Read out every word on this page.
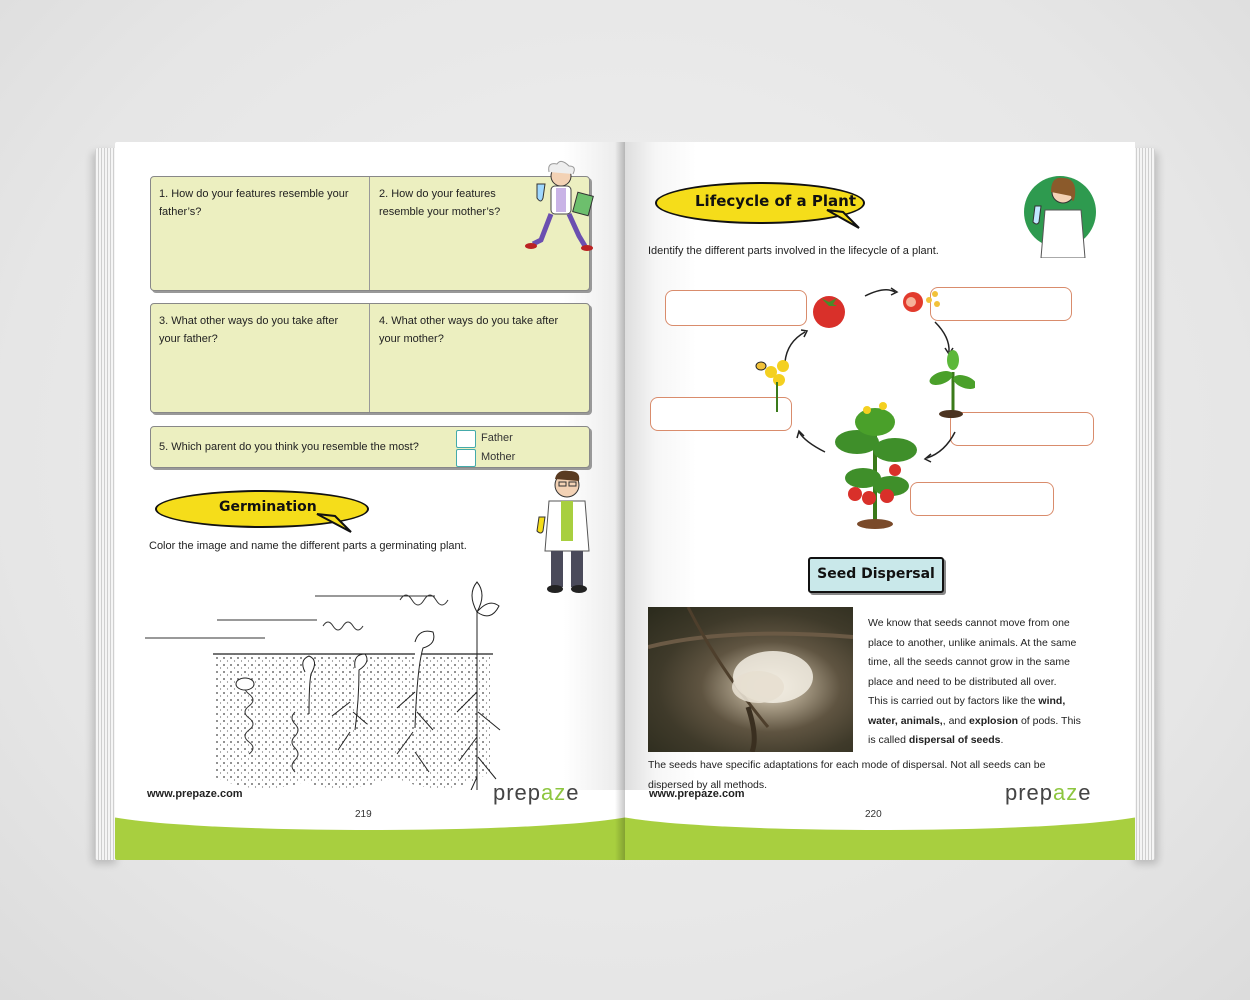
1. How do your features resemble your father’s?
2. How do your features resemble your mother’s?
3. What other ways do you take after your father?
4. What other ways do you take after your mother?
5. Which parent do you think you resemble the most?
Father
Mother
Germination
Color the image and name the different parts a germinating plant.
www.prepaze.com
219
prepaze
Lifecycle of a Plant
Identify the different parts involved in the lifecycle of a plant.
Seed Dispersal
We know that seeds cannot move from one
place to another, unlike animals. At the same
time, all the seeds cannot grow in the same
place and need to be distributed all over.
This is carried out by factors like the wind,
water, animals,, and explosion of pods. This
is called dispersal of seeds.
The seeds have specific adaptations for each mode of dispersal. Not all seeds can be
dispersed by all methods.
www.prepaze.com
220
prepaze
